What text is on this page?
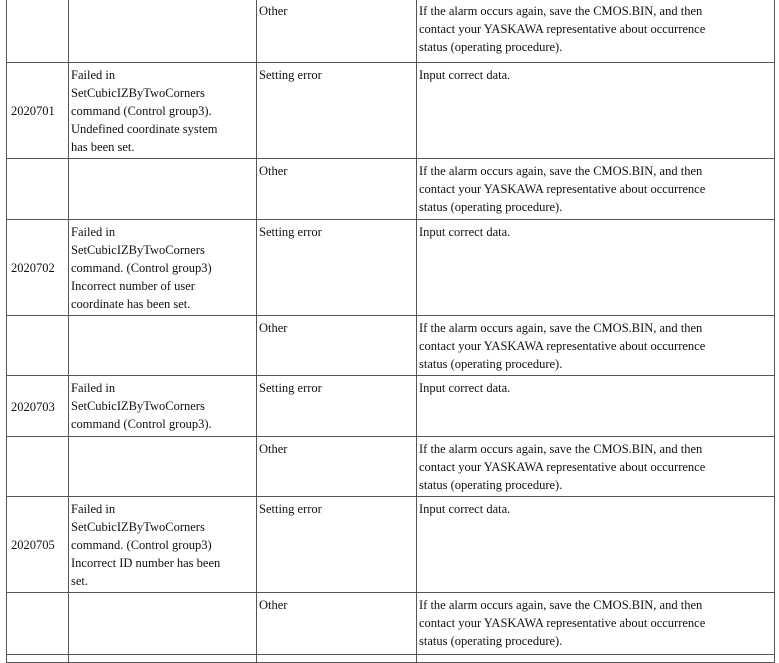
		Other	If the alarm occurs again, save the CMOS.BIN, and then
contact your YASKAWA representative about occurrence
status (operating procedure).

2020701	Failed in
SetCubicIZByTwoCorners
command (Control group3).
Undefined coordinate system
has been set.	Setting error	Input correct data.

		Other	If the alarm occurs again, save the CMOS.BIN, and then
contact your YASKAWA representative about occurrence
status (operating procedure).

2020702	Failed in
SetCubicIZByTwoCorners
command. (Control group3)
Incorrect number of user
coordinate has been set.	Setting error	Input correct data.

		Other	If the alarm occurs again, save the CMOS.BIN, and then
contact your YASKAWA representative about occurrence
status (operating procedure).

2020703	Failed in
SetCubicIZByTwoCorners
command (Control group3).	Setting error	Input correct data.

		Other	If the alarm occurs again, save the CMOS.BIN, and then
contact your YASKAWA representative about occurrence
status (operating procedure).

2020705	Failed in
SetCubicIZByTwoCorners
command. (Control group3)
Incorrect ID number has been
set.	Setting error	Input correct data.

		Other	If the alarm occurs again, save the CMOS.BIN, and then
contact your YASKAWA representative about occurrence
status (operating procedure).
